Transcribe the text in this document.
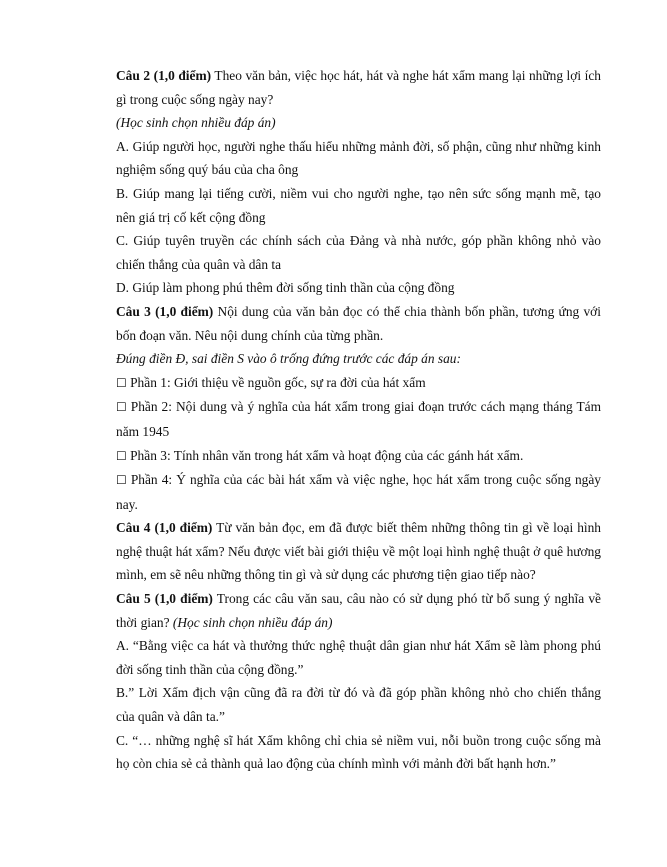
Câu 2 (1,0 điểm) Theo văn bản, việc học hát, hát và nghe hát xẩm mang lại những lợi ích gì trong cuộc sống ngày nay?

(Học sinh chọn nhiều đáp án)

A. Giúp người học, người nghe thấu hiểu những mảnh đời, số phận, cũng như những kinh nghiệm sống quý báu của cha ông

B. Giúp mang lại tiếng cười, niềm vui cho người nghe, tạo nên sức sống mạnh mẽ, tạo nên giá trị cố kết cộng đồng

C. Giúp tuyên truyền các chính sách của Đảng và nhà nước, góp phần không nhỏ vào chiến thắng của quân và dân ta

D. Giúp làm phong phú thêm đời sống tinh thần của cộng đồng

Câu 3 (1,0 điểm) Nội dung của văn bản đọc có thể chia thành bốn phần, tương ứng với bốn đoạn văn. Nêu nội dung chính của từng phần.

Đúng điền Đ, sai điền S vào ô trống đứng trước các đáp án sau:

☐ Phần 1: Giới thiệu về nguồn gốc, sự ra đời của hát xẩm

☐ Phần 2: Nội dung và ý nghĩa của hát xẩm trong giai đoạn trước cách mạng tháng Tám năm 1945

☐ Phần 3: Tính nhân văn trong hát xẩm và hoạt động của các gánh hát xẩm.

☐ Phần 4: Ý nghĩa của các bài hát xẩm và việc nghe, học hát xẩm trong cuộc sống ngày nay.

Câu 4 (1,0 điểm) Từ văn bản đọc, em đã được biết thêm những thông tin gì về loại hình nghệ thuật hát xẩm? Nếu được viết bài giới thiệu về một loại hình nghệ thuật ở quê hương mình, em sẽ nêu những thông tin gì và sử dụng các phương tiện giao tiếp nào?

Câu 5 (1,0 điểm) Trong các câu văn sau, câu nào có sử dụng phó từ bổ sung ý nghĩa về thời gian? (Học sinh chọn nhiều đáp án)

A. “Bằng việc ca hát và thưởng thức nghệ thuật dân gian như hát Xẩm sẽ làm phong phú đời sống tinh thần của cộng đồng.”

B.” Lời Xẩm địch vận cũng đã ra đời từ đó và đã góp phần không nhỏ cho chiến thắng của quân và dân ta.”

C. “… những nghệ sĩ hát Xẩm không chỉ chia sẻ niềm vui, nỗi buồn trong cuộc sống mà họ còn chia sẻ cả thành quả lao động của chính mình với mảnh đời bất hạnh hơn.”
